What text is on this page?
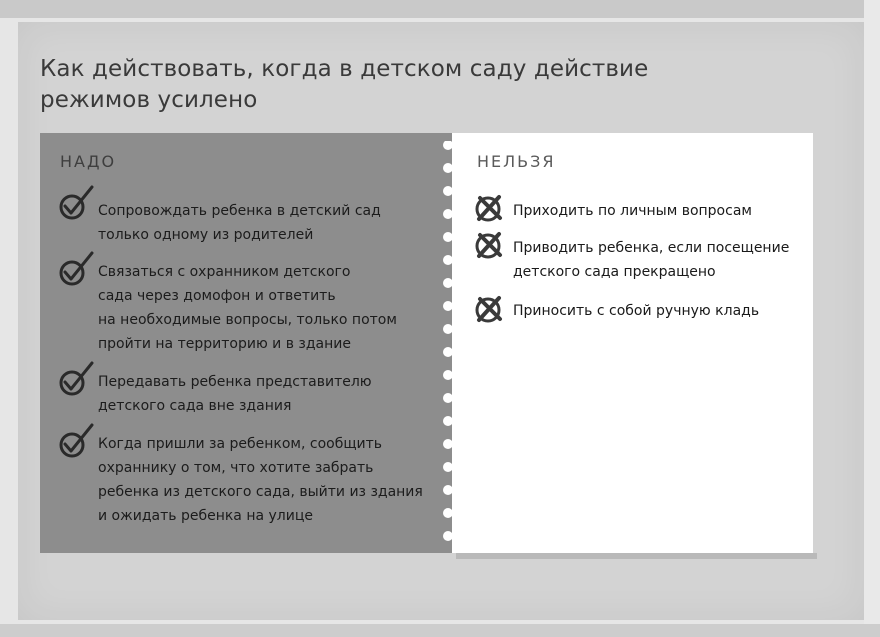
Как действовать, когда в детском саду действие
режимов усилено
НАДО	НЕЛЬЗЯ

Сопровождать ребенка в детский сад
только одному из родителей

Связаться с охранником детского
сада через домофон и ответить
на необходимые вопросы, только потом
пройти на территорию и в здание

Передавать ребенка представителю
детского сада вне здания

Когда пришли за ребенком, сообщить
охраннику о том, что хотите забрать
ребенка из детского сада, выйти из здания
и ожидать ребенка на улице

Приходить по личным вопросам

Приводить ребенка, если посещение
детского сада прекращено

Приносить с собой ручную кладь
